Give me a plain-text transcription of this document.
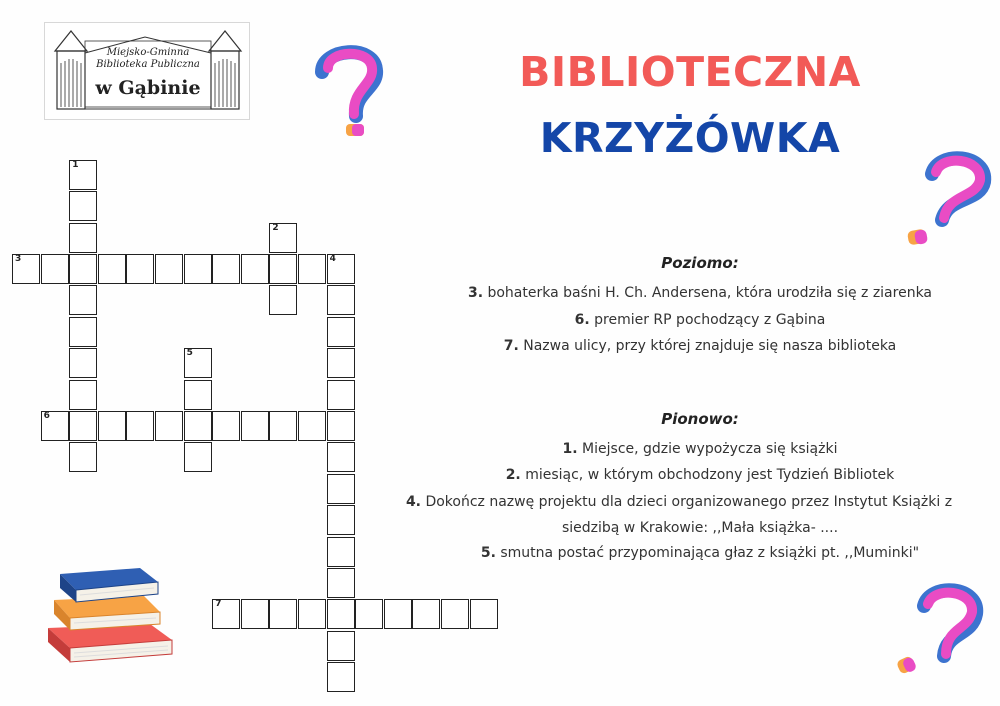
Miejsko-Gminna
Biblioteka Publiczna
w Gąbinie	BIBLIOTECZNA
KRZYŻÓWKA
1
2
3	4
5
6
7
Poziomo:
3. bohaterka baśni H. Ch. Andersena, która urodziła się z ziarenka
6. premier RP pochodzący z Gąbina
7. Nazwa ulicy, przy której znajduje się nasza biblioteka
Pionowo:
1. Miejsce, gdzie wypożycza się książki
2. miesiąc, w którym obchodzony jest Tydzień Bibliotek
4. Dokończ nazwę projektu dla dzieci organizowanego przez Instytut Książki z
siedzibą w Krakowie: ,,Mała książka- ....
5. smutna postać przypominająca głaz z książki pt. ,,Muminki"
